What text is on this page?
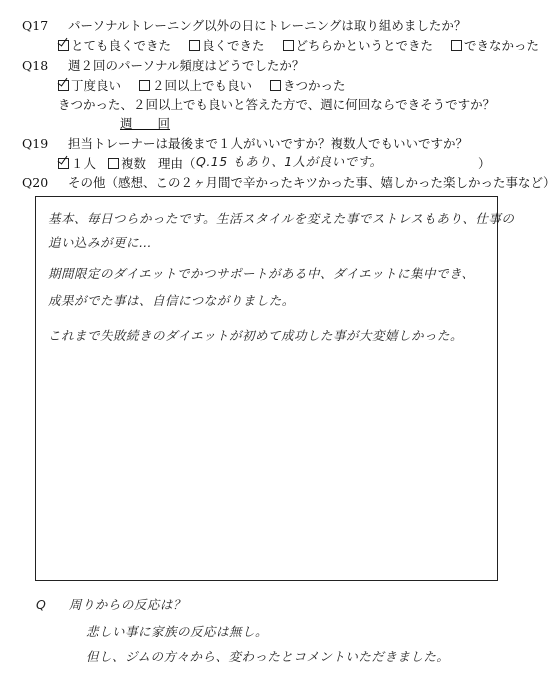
Q17 パーソナルトレーニング以外の日にトレーニングは取り組めましたか？
とても良くできた 良くできた どちらかというとできた できなかった
Q18 週２回のパーソナル頻度はどうでしたか？
丁度良い ２回以上でも良い きつかった
きつかった、２回以上でも良いと答えた方で、週に何回ならできそうですか？
週　　回
Q19 担当トレーナーは最後まで１人がいいですか？複数人でもいいですか？
１人 複数 理由（ Q.15 もあり、1人が良いです。	）
Q20 その他（感想、この２ヶ月間で辛かったキツかった事、嬉しかった楽しかった事など）
基本、毎日つらかったです。生活スタイルを変えた事でストレスもあり、仕事の
追い込みが更に…
期間限定のダイエットでかつサポートがある中、ダイエットに集中でき、
成果がでた事は、自信につながりました。
これまで失敗続きのダイエットが初めて成功した事が大変嬉しかった。
Q 周りからの反応は？
悲しい事に家族の反応は無し。
但し、ジムの方々から、変わったとコメントいただきました。
